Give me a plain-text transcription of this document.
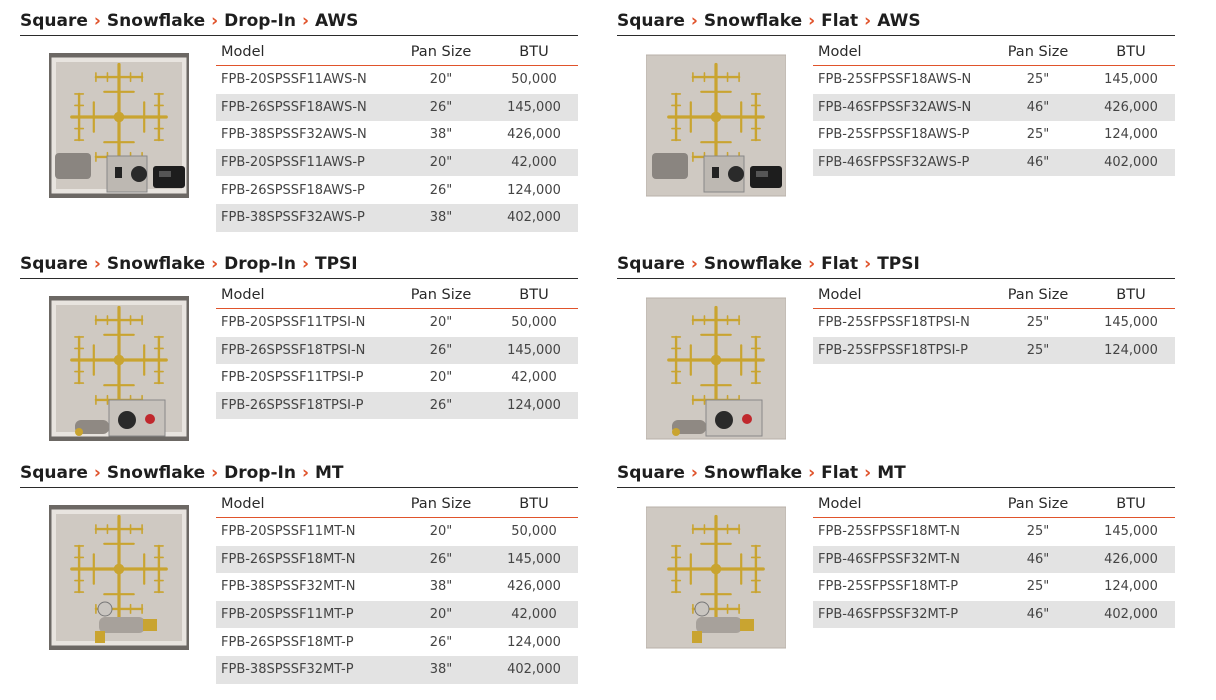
Square › Snowflake › Drop-In › AWS
Model	Pan Size	BTU
FPB-20SPSSF11AWS-N	20"	50,000
FPB-26SPSSF18AWS-N	26"	145,000
FPB-38SPSSF32AWS-N	38"	426,000
FPB-20SPSSF11AWS-P	20"	42,000
FPB-26SPSSF18AWS-P	26"	124,000
FPB-38SPSSF32AWS-P	38"	402,000
Square › Snowflake › Flat › AWS
Model	Pan Size	BTU
FPB-25SFPSSF18AWS-N	25"	145,000
FPB-46SFPSSF32AWS-N	46"	426,000
FPB-25SFPSSF18AWS-P	25"	124,000
FPB-46SFPSSF32AWS-P	46"	402,000
Square › Snowflake › Drop-In › TPSI
Model	Pan Size	BTU
FPB-20SPSSF11TPSI-N	20"	50,000
FPB-26SPSSF18TPSI-N	26"	145,000
FPB-20SPSSF11TPSI-P	20"	42,000
FPB-26SPSSF18TPSI-P	26"	124,000
Square › Snowflake › Flat › TPSI
Model	Pan Size	BTU
FPB-25SFPSSF18TPSI-N	25"	145,000
FPB-25SFPSSF18TPSI-P	25"	124,000
Square › Snowflake › Drop-In › MT
Model	Pan Size	BTU
FPB-20SPSSF11MT-N	20"	50,000
FPB-26SPSSF18MT-N	26"	145,000
FPB-38SPSSF32MT-N	38"	426,000
FPB-20SPSSF11MT-P	20"	42,000
FPB-26SPSSF18MT-P	26"	124,000
FPB-38SPSSF32MT-P	38"	402,000
Square › Snowflake › Flat › MT
Model	Pan Size	BTU
FPB-25SFPSSF18MT-N	25"	145,000
FPB-46SFPSSF32MT-N	46"	426,000
FPB-25SFPSSF18MT-P	25"	124,000
FPB-46SFPSSF32MT-P	46"	402,000
